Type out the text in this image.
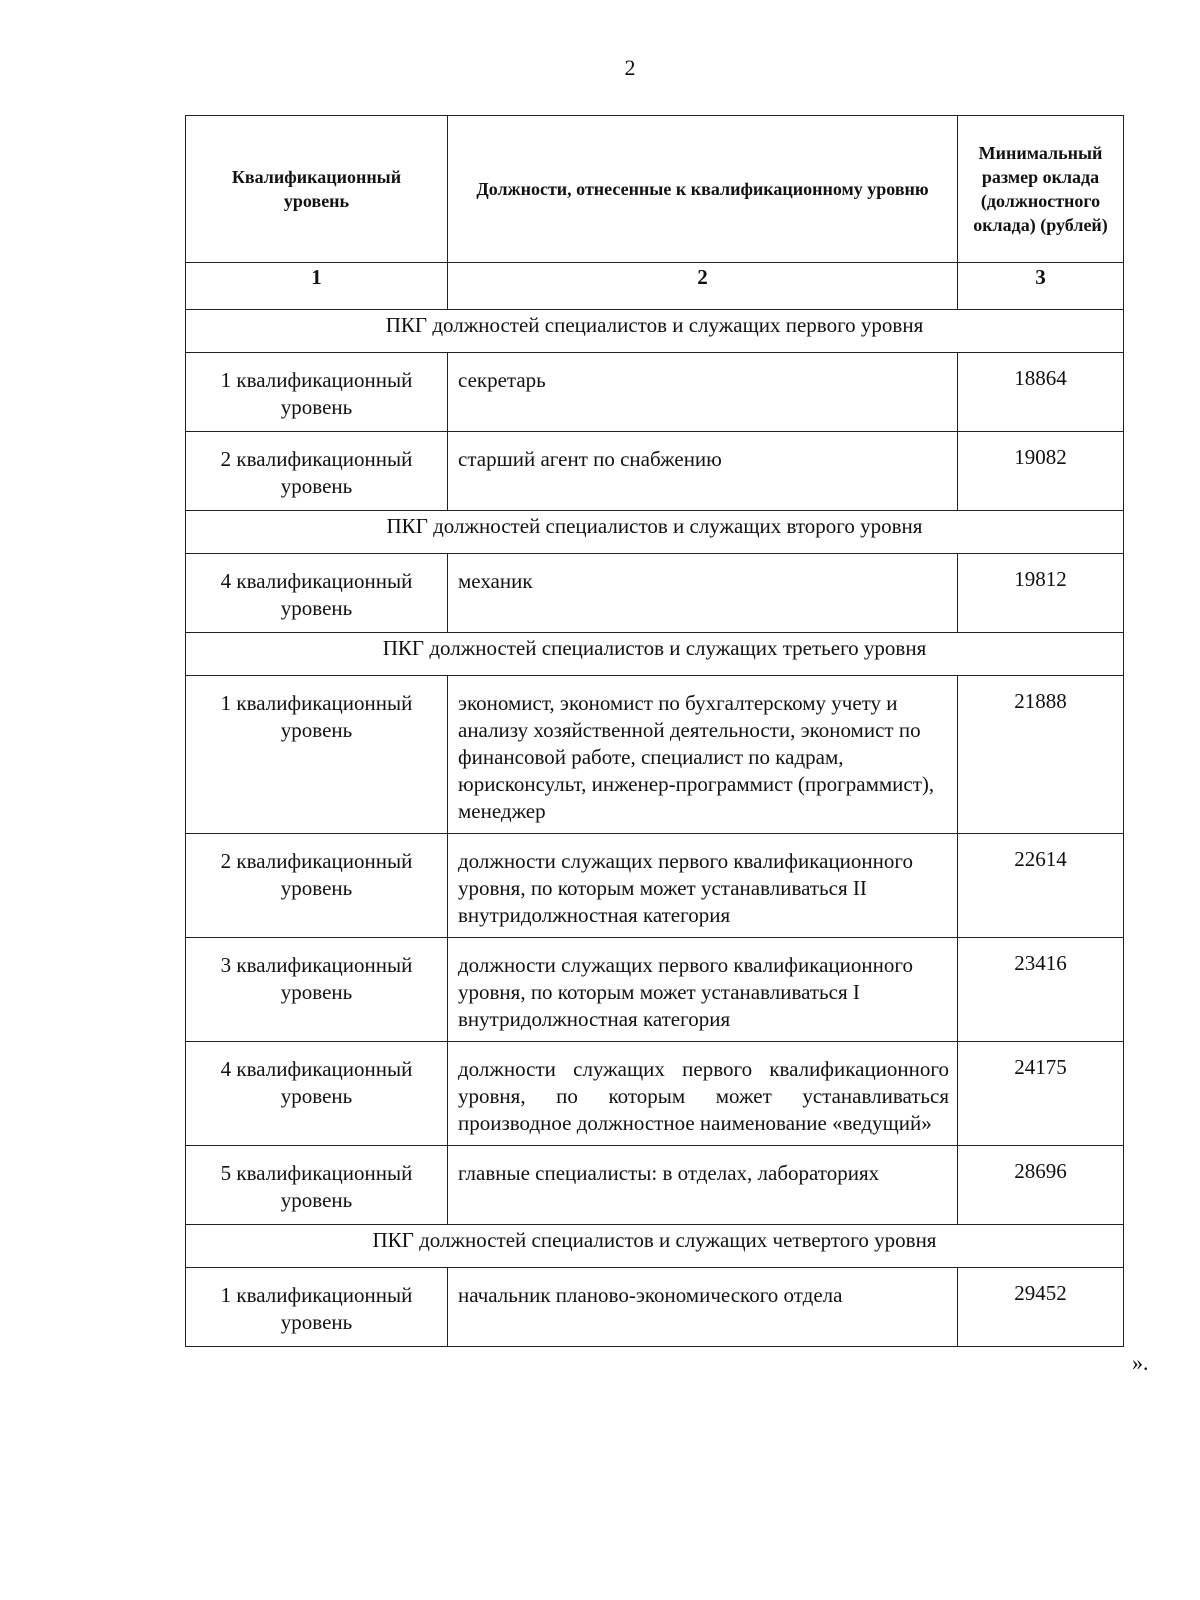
2
Квалификационный уровень	Должности, отнесенные к квалификационному уровню	Минимальный размер оклада (должностного оклада) (рублей)
1	2	3
ПКГ должностей специалистов и служащих первого уровня		
1 квалификационный уровень	секретарь	18864
2 квалификационный уровень	старший агент по снабжению	19082
ПКГ должностей специалистов и служащих второго уровня		
4 квалификационный уровень	механик	19812
ПКГ должностей специалистов и служащих третьего уровня		
1 квалификационный уровень	экономист, экономист по бухгалтерскому учету и анализу хозяйственной деятельности, экономист по финансовой работе, специалист по кадрам, юрисконсульт, инженер-программист (программист), менеджер	21888
2 квалификационный уровень	должности служащих первого квалификационного уровня, по которым может устанавливаться II внутридолжностная категория	22614
3 квалификационный уровень	должности служащих первого квалификационного уровня, по которым может устанавливаться I внутридолжностная категория	23416
4 квалификационный уровень	должности служащих первого квалификационного уровня, по которым может устанавливаться производное должностное наименование «ведущий»	24175
5 квалификационный уровень	главные специалисты: в отделах, лабораториях	28696
ПКГ должностей специалистов и служащих четвертого уровня		
1 квалификационный уровень	начальник планово-экономического отдела	29452
».
